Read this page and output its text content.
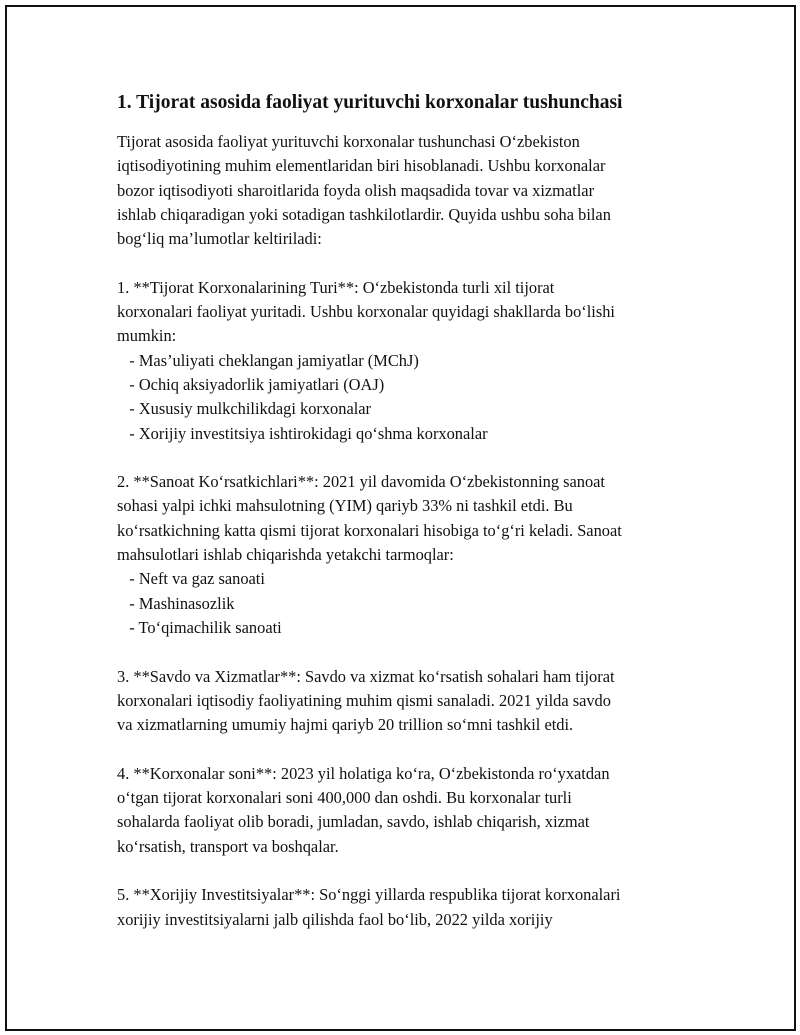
1. Tijorat asosida faoliyat yurituvchi korxonalar tushunchasi
Tijorat asosida faoliyat yurituvchi korxonalar tushunchasi O‘zbekiston
iqtisodiyotining muhim elementlaridan biri hisoblanadi. Ushbu korxonalar
bozor iqtisodiyoti sharoitlarida foyda olish maqsadida tovar va xizmatlar
ishlab chiqaradigan yoki sotadigan tashkilotlardir. Quyida ushbu soha bilan
bog‘liq ma’lumotlar keltiriladi:
1. **Tijorat Korxonalarining Turi**: O‘zbekistonda turli xil tijorat
korxonalari faoliyat yuritadi. Ushbu korxonalar quyidagi shakllarda bo‘lishi
mumkin:
- Mas’uliyati cheklangan jamiyatlar (MChJ)
- Ochiq aksiyadorlik jamiyatlari (OAJ)
- Xususiy mulkchilikdagi korxonalar
- Xorijiy investitsiya ishtirokidagi qo‘shma korxonalar
2. **Sanoat Ko‘rsatkichlari**: 2021 yil davomida O‘zbekistonning sanoat
sohasi yalpi ichki mahsulotning (YIM) qariyb 33% ni tashkil etdi. Bu
ko‘rsatkichning katta qismi tijorat korxonalari hisobiga to‘g‘ri keladi. Sanoat
mahsulotlari ishlab chiqarishda yetakchi tarmoqlar:
- Neft va gaz sanoati
- Mashinasozlik
- To‘qimachilik sanoati
3. **Savdo va Xizmatlar**: Savdo va xizmat ko‘rsatish sohalari ham tijorat
korxonalari iqtisodiy faoliyatining muhim qismi sanaladi. 2021 yilda savdo
va xizmatlarning umumiy hajmi qariyb 20 trillion so‘mni tashkil etdi.
4. **Korxonalar soni**: 2023 yil holatiga ko‘ra, O‘zbekistonda ro‘yxatdan
o‘tgan tijorat korxonalari soni 400,000 dan oshdi. Bu korxonalar turli
sohalarda faoliyat olib boradi, jumladan, savdo, ishlab chiqarish, xizmat
ko‘rsatish, transport va boshqalar.
5. **Xorijiy Investitsiyalar**: So‘nggi yillarda respublika tijorat korxonalari
xorijiy investitsiyalarni jalb qilishda faol bo‘lib, 2022 yilda xorijiy
